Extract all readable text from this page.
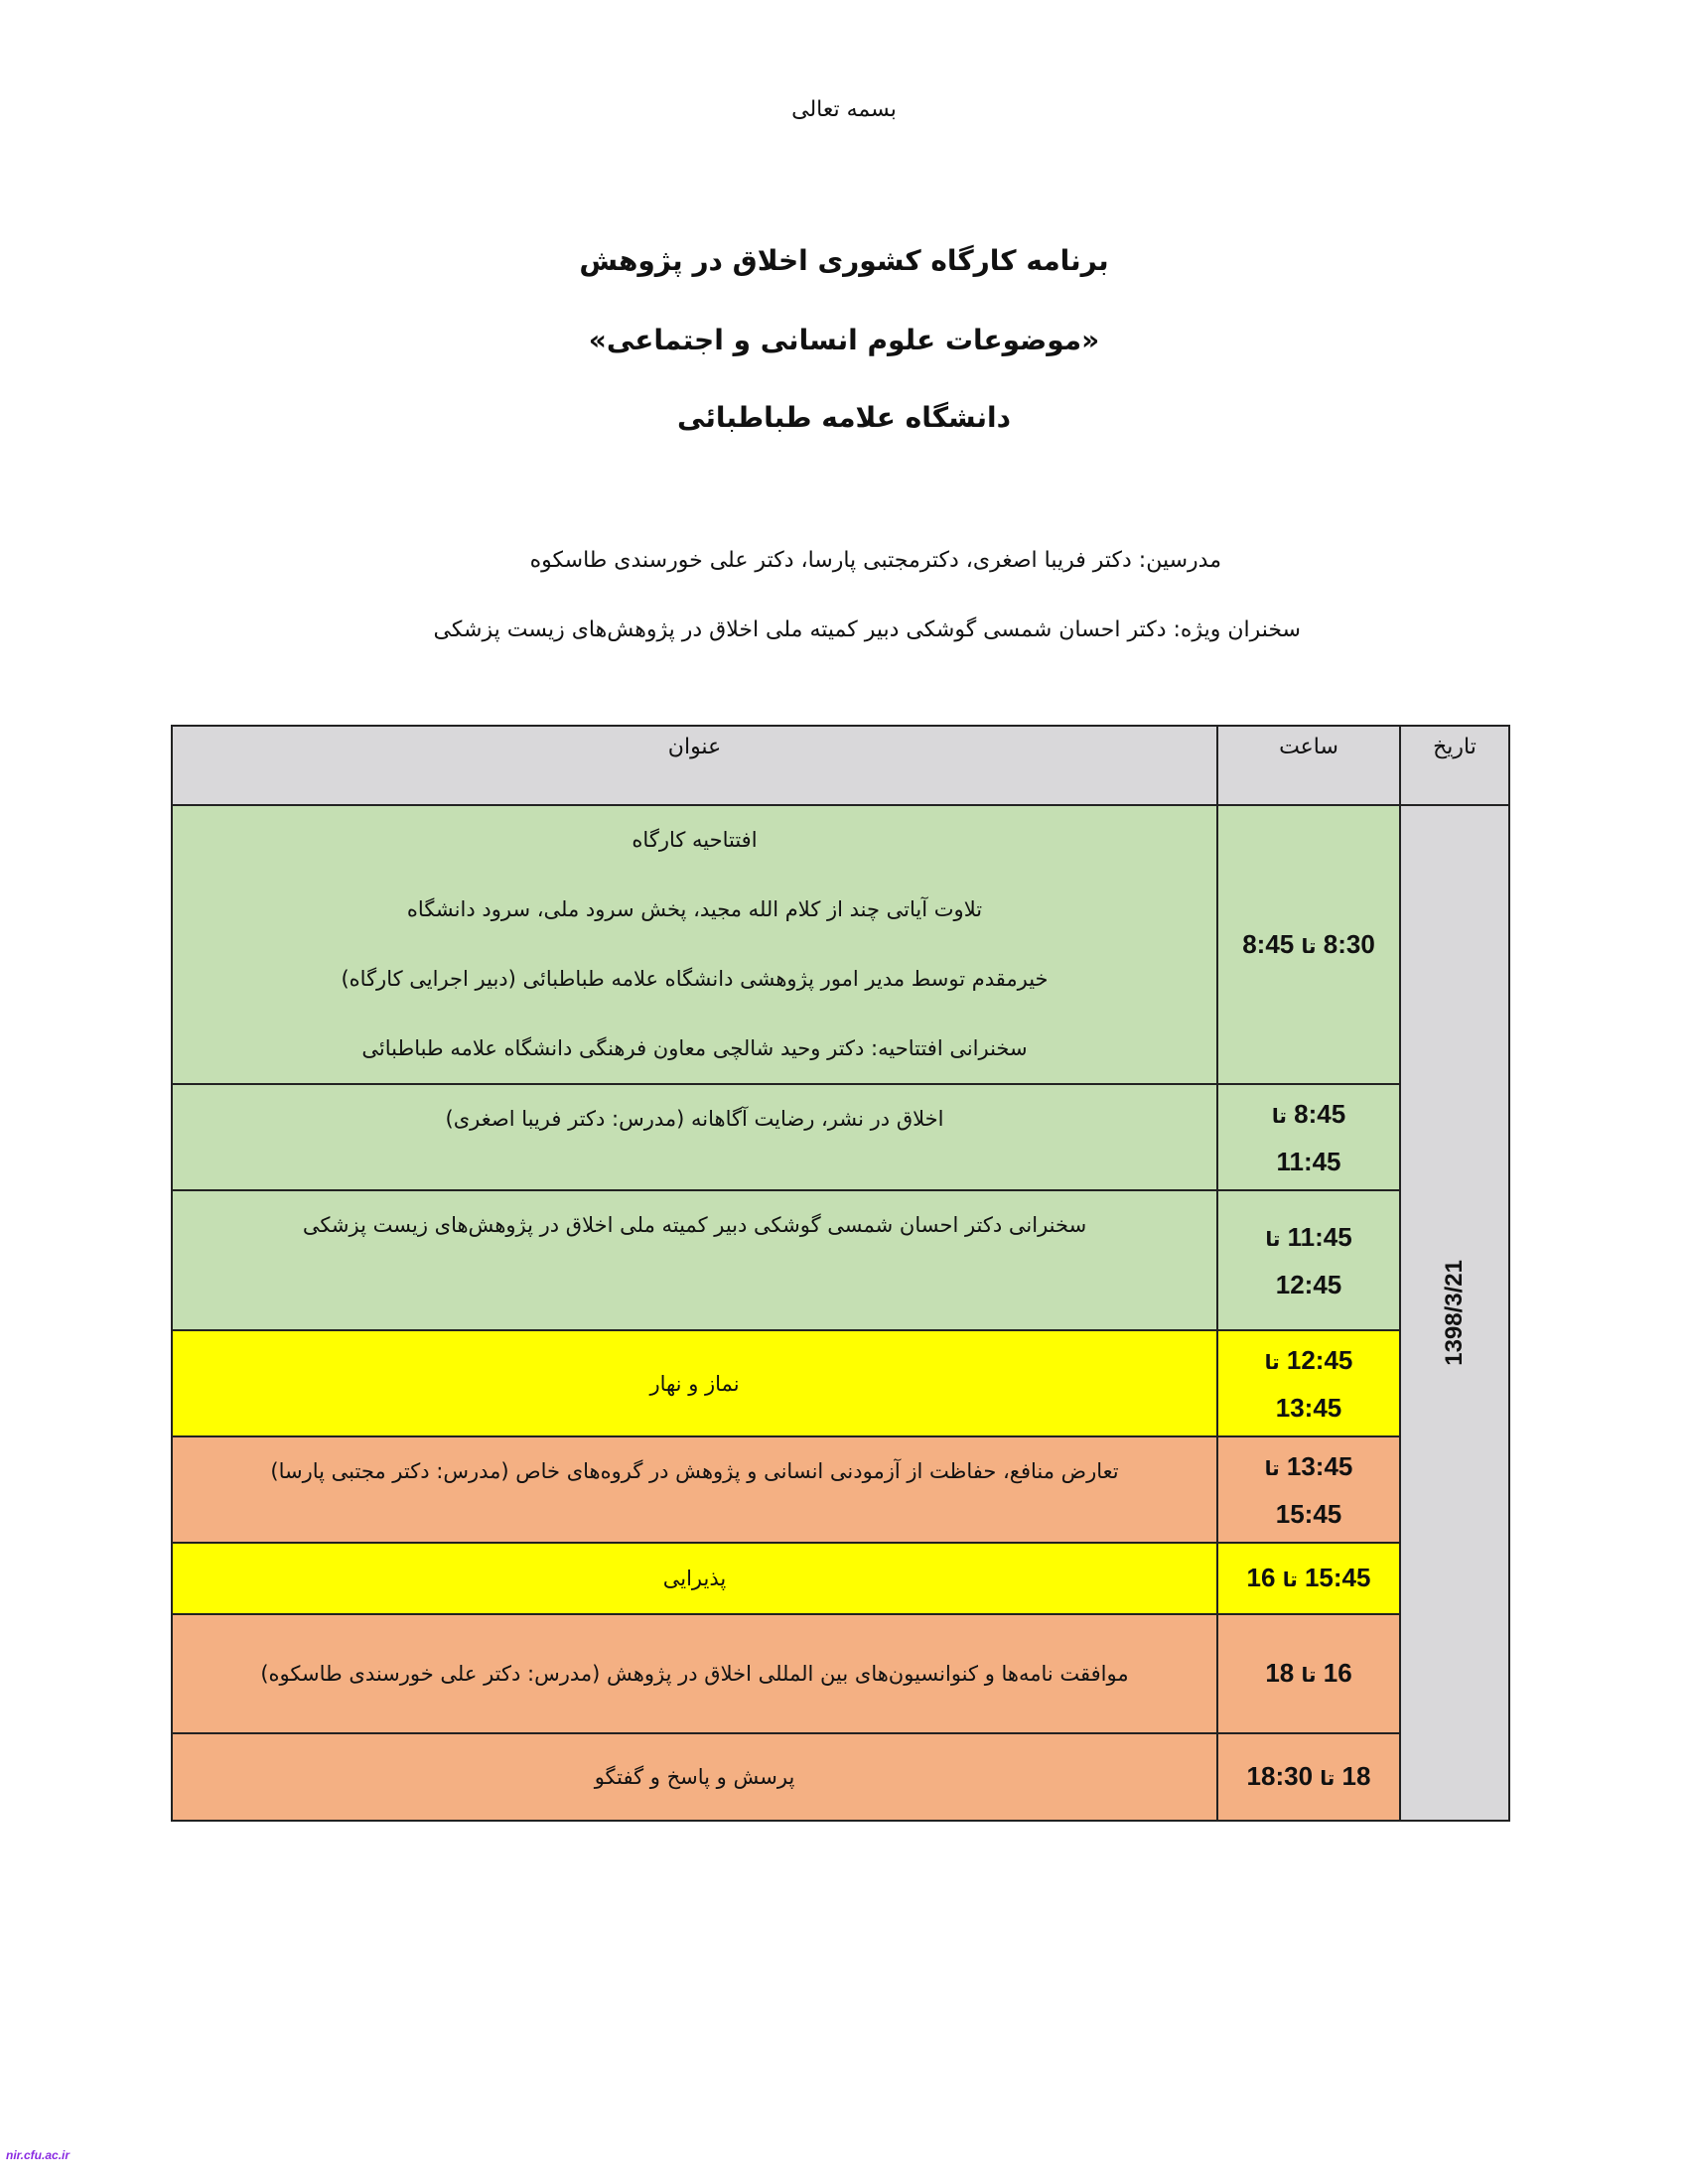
بسمه تعالی
برنامه کارگاه کشوری اخلاق در پژوهش
«موضوعات علوم انسانی و اجتماعی»
دانشگاه علامه طباطبائی
مدرسین: دکتر فریبا اصغری، دکترمجتبی پارسا، دکتر علی خورسندی طاسکوه
سخنران ویژه: دکتر احسان شمسی گوشکی دبیر کمیته ملی اخلاق در پژوهش‌های زیست پزشکی
تاریخ	ساعت	عنوان

1398/3/21	8:30 تا 8:45	افتتاحیه کارگاه

تلاوت آیاتی چند از کلام الله مجید، پخش سرود ملی، سرود دانشگاه

خیرمقدم توسط مدیر امور پژوهشی دانشگاه علامه طباطبائی (دبیر اجرایی کارگاه)

سخنرانی افتتاحیه: دکتر وحید شالچی معاون فرهنگی دانشگاه علامه طباطبائی

	8:45 تا
11:45	اخلاق در نشر، رضایت آگاهانه (مدرس: دکتر فریبا اصغری)

	11:45 تا
12:45	سخنرانی دکتر احسان شمسی گوشکی دبیر کمیته ملی اخلاق در پژوهش‌های زیست پزشکی

	12:45 تا
13:45	نماز و نهار

	13:45 تا
15:45	تعارض منافع، حفاظت از آزمودنی انسانی و پژوهش در گروه‌های خاص (مدرس: دکتر مجتبی پارسا)

	15:45 تا 16	پذیرایی

	16 تا 18	موافقت نامه‌ها و کنوانسیون‌های بین المللی اخلاق در پژوهش (مدرس: دکتر علی خورسندی طاسکوه)

	18 تا 18:30	پرسش و پاسخ و گفتگو

nir.cfu.ac.ir
